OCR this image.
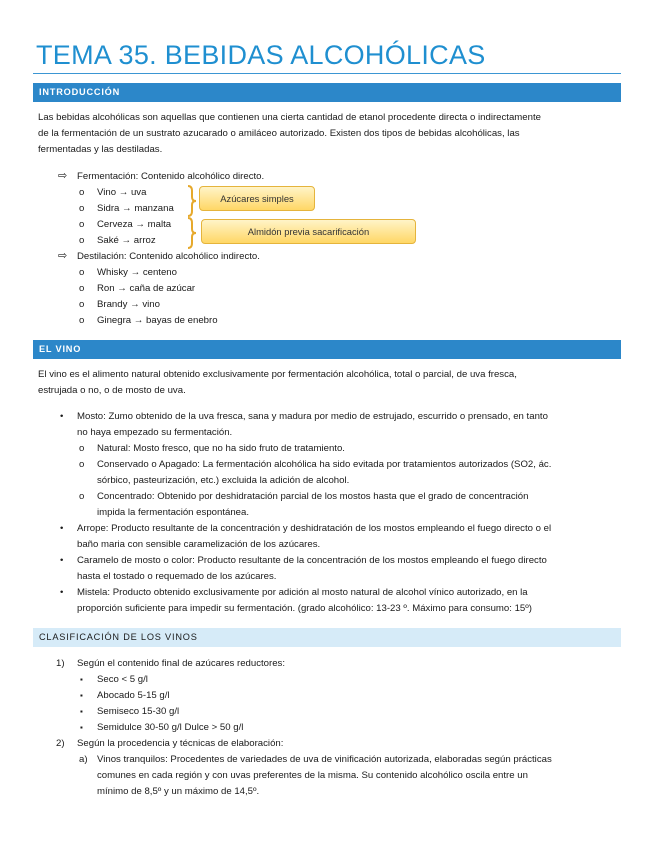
TEMA 35. BEBIDAS ALCOHÓLICAS
INTRODUCCIÓN
Las bebidas alcohólicas son aquellas que contienen una cierta cantidad de etanol procedente directa o indirectamente
de la fermentación de un sustrato azucarado o amiláceo autorizado. Existen dos tipos de bebidas alcohólicas, las
fermentadas y las destiladas.
⇨ Fermentación: Contenido alcohólico directo.
o Vino → uva
o Sidra → manzana
o Cerveza → malta
o Saké → arroz
Azúcares simples
Almidón previa sacarificación
⇨ Destilación: Contenido alcohólico indirecto.
o Whisky → centeno
o Ron → caña de azúcar
o Brandy → vino
o Ginegra → bayas de enebro
EL VINO
El vino es el alimento natural obtenido exclusivamente por fermentación alcohólica, total o parcial, de uva fresca,
estrujada o no, o de mosto de uva.
• Mosto: Zumo obtenido de la uva fresca, sana y madura por medio de estrujado, escurrido o prensado, en tanto
no haya empezado su fermentación.
o Natural: Mosto fresco, que no ha sido fruto de tratamiento.
o Conservado o Apagado: La fermentación alcohólica ha sido evitada por tratamientos autorizados (SO2, ác.
sórbico, pasteurización, etc.) excluida la adición de alcohol.
o Concentrado: Obtenido por deshidratación parcial de los mostos hasta que el grado de concentración
impida la fermentación espontánea.
• Arrope: Producto resultante de la concentración y deshidratación de los mostos empleando el fuego directo o el
baño maria con sensible caramelización de los azúcares.
• Caramelo de mosto o color: Producto resultante de la concentración de los mostos empleando el fuego directo
hasta el tostado o requemado de los azúcares.
• Mistela: Producto obtenido exclusivamente por adición al mosto natural de alcohol vínico autorizado, en la
proporción suficiente para impedir su fermentación. (grado alcohólico: 13-23 º. Máximo para consumo: 15º)
CLASIFICACIÓN DE LOS VINOS
1) Según el contenido final de azúcares reductores:
▪ Seco < 5 g/l
▪ Abocado 5-15 g/l
▪ Semiseco 15-30 g/l
▪ Semidulce 30-50 g/l Dulce > 50 g/l
2) Según la procedencia y técnicas de elaboración:
a) Vinos tranquilos: Procedentes de variedades de uva de vinificación autorizada, elaboradas según prácticas
comunes en cada región y con uvas preferentes de la misma. Su contenido alcohólico oscila entre un
mínimo de 8,5º y un máximo de 14,5º.
